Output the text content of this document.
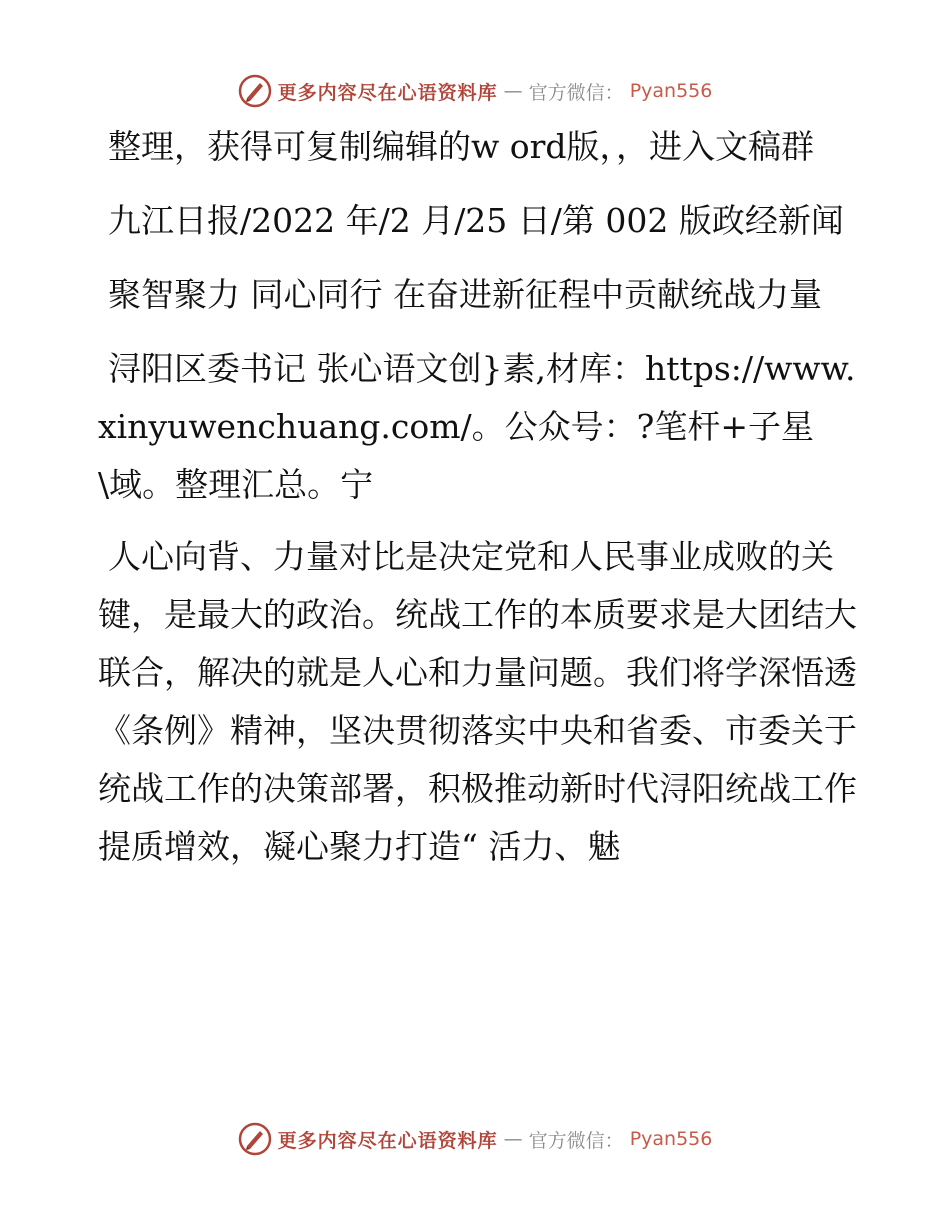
更多内容尽在心语资料库 — 官方微信： Pyan556

整理，获得可复制编辑的w ord版，，进入文稿群

九江日报/2022 年/2 月/25 日/第 002 版政经新闻

聚智聚力 同心同行 在奋进新征程中贡献统战力量

浔阳区委书记 张心语文创}素,材库：https://www.xinyuwenchuang.com/。公众号：?笔杆+子星\域。整理汇总。宁

人心向背、力量对比是决定党和人民事业成败的关键，是最大的政治。统战工作的本质要求是大团结大联合，解决的就是人心和力量问题。我们将学深悟透《条例》精神，坚决贯彻落实中央和省委、市委关于统战工作的决策部署，积极推动新时代浔阳统战工作提质增效，凝心聚力打造“ 活力、魅

更多内容尽在心语资料库 — 官方微信： Pyan556
